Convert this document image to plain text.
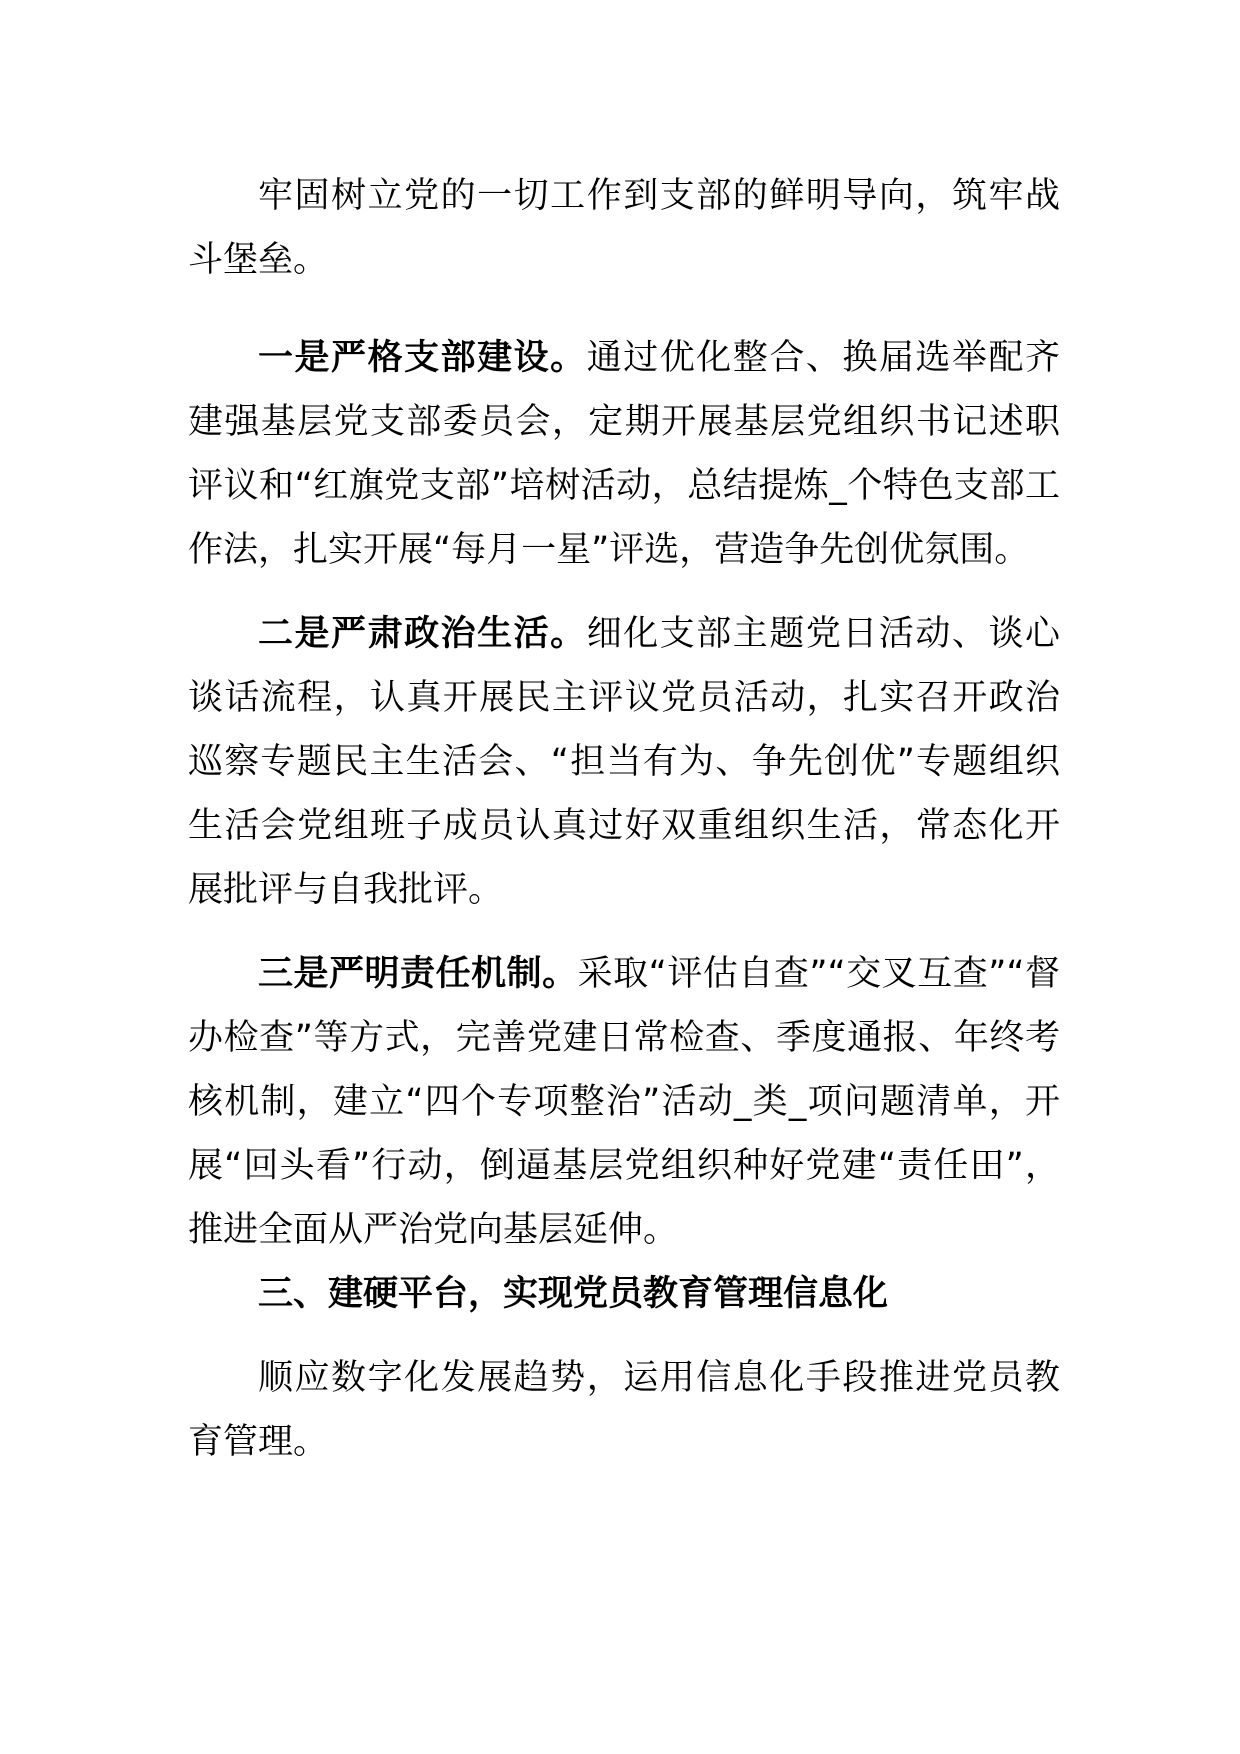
牢固树立党的一切工作到支部的鲜明导向，筑牢战斗堡垒。

一是严格支部建设。通过优化整合、换届选举配齐建强基层党支部委员会，定期开展基层党组织书记述职评议和“红旗党支部”培树活动，总结提炼_个特色支部工作法，扎实开展“每月一星”评选，营造争先创优氛围。

二是严肃政治生活。细化支部主题党日活动、谈心谈话流程，认真开展民主评议党员活动，扎实召开政治巡察专题民主生活会、“担当有为、争先创优”专题组织生活会党组班子成员认真过好双重组织生活，常态化开展批评与自我批评。

三是严明责任机制。采取“评估自查”“交叉互查”“督办检查”等方式，完善党建日常检查、季度通报、年终考核机制，建立“四个专项整治”活动_类_项问题清单，开展“回头看”行动，倒逼基层党组织种好党建“责任田”，推进全面从严治党向基层延伸。

三、建硬平台，实现党员教育管理信息化

顺应数字化发展趋势，运用信息化手段推进党员教育管理。
